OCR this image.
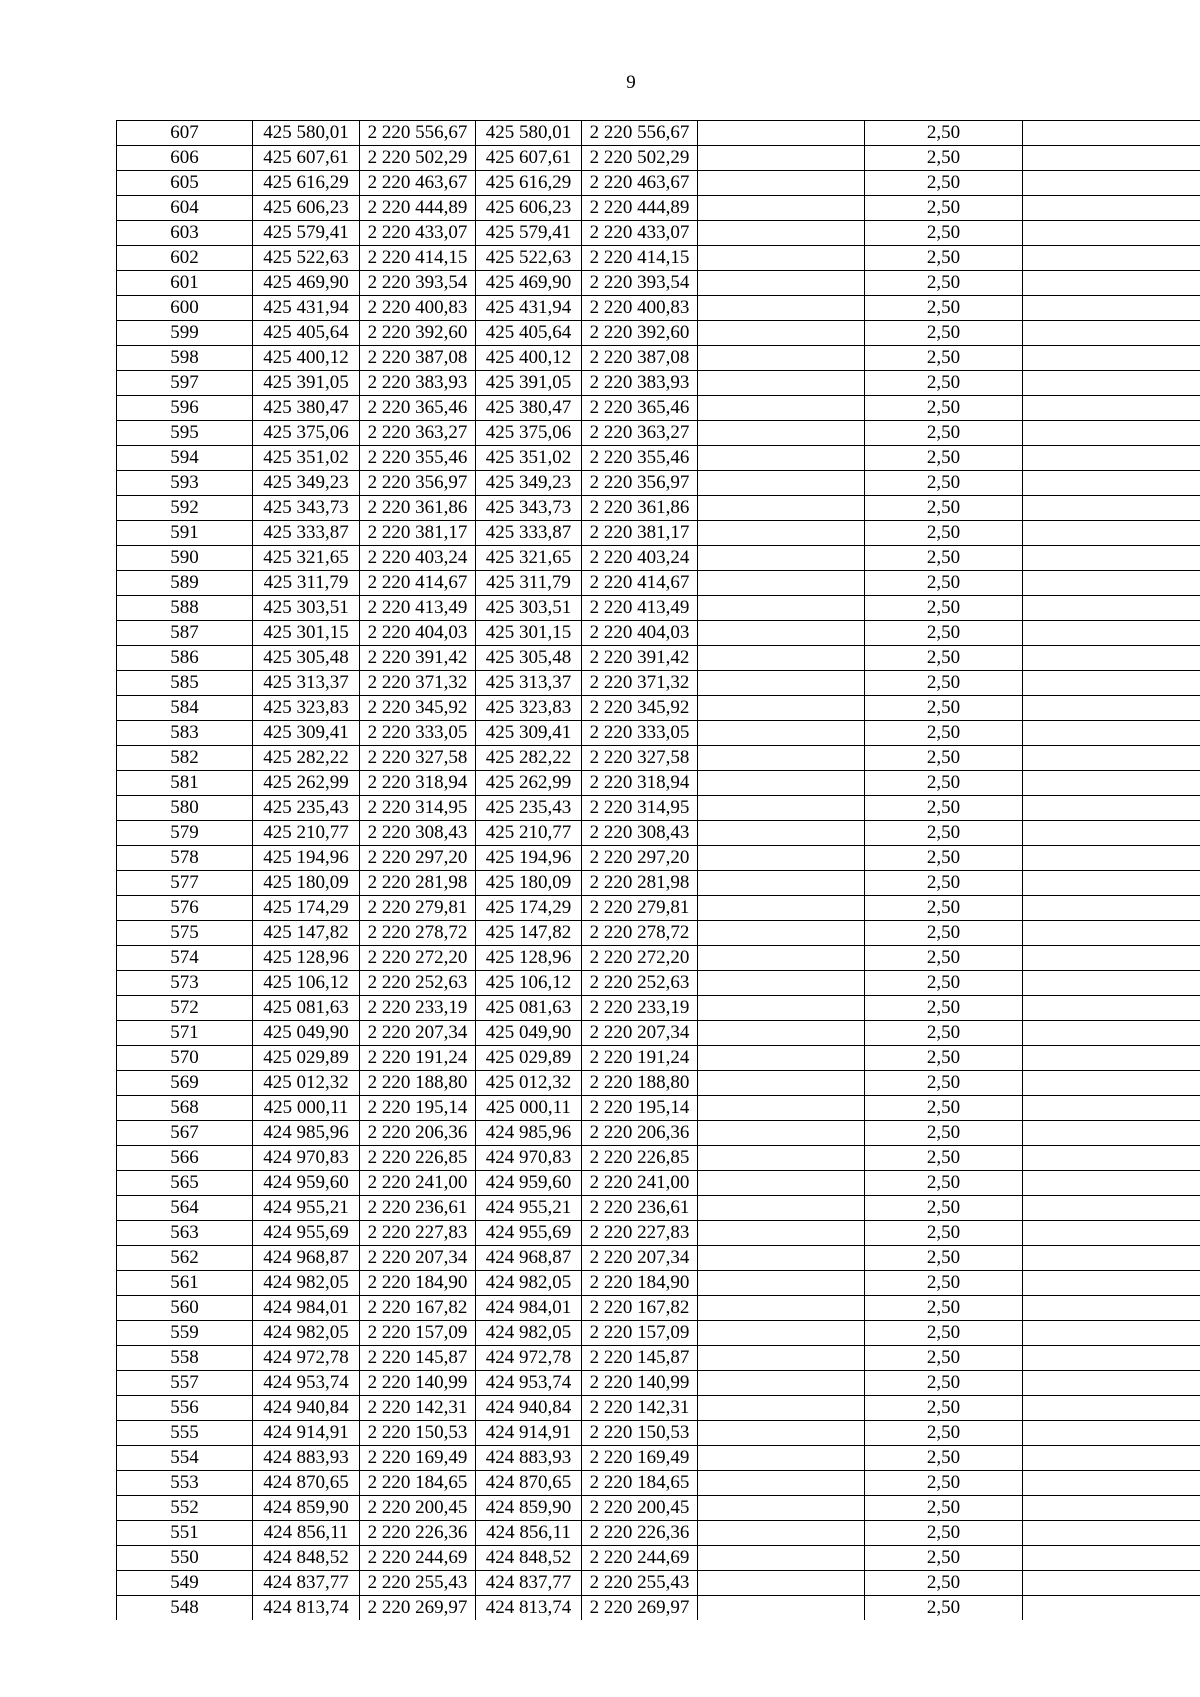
9
607	425 580,01	2 220 556,67	425 580,01	2 220 556,67		2,50	
606	425 607,61	2 220 502,29	425 607,61	2 220 502,29		2,50	
605	425 616,29	2 220 463,67	425 616,29	2 220 463,67		2,50	
604	425 606,23	2 220 444,89	425 606,23	2 220 444,89		2,50	
603	425 579,41	2 220 433,07	425 579,41	2 220 433,07		2,50	
602	425 522,63	2 220 414,15	425 522,63	2 220 414,15		2,50	
601	425 469,90	2 220 393,54	425 469,90	2 220 393,54		2,50	
600	425 431,94	2 220 400,83	425 431,94	2 220 400,83		2,50	
599	425 405,64	2 220 392,60	425 405,64	2 220 392,60		2,50	
598	425 400,12	2 220 387,08	425 400,12	2 220 387,08		2,50	
597	425 391,05	2 220 383,93	425 391,05	2 220 383,93		2,50	
596	425 380,47	2 220 365,46	425 380,47	2 220 365,46		2,50	
595	425 375,06	2 220 363,27	425 375,06	2 220 363,27		2,50	
594	425 351,02	2 220 355,46	425 351,02	2 220 355,46		2,50	
593	425 349,23	2 220 356,97	425 349,23	2 220 356,97		2,50	
592	425 343,73	2 220 361,86	425 343,73	2 220 361,86		2,50	
591	425 333,87	2 220 381,17	425 333,87	2 220 381,17		2,50	
590	425 321,65	2 220 403,24	425 321,65	2 220 403,24		2,50	
589	425 311,79	2 220 414,67	425 311,79	2 220 414,67		2,50	
588	425 303,51	2 220 413,49	425 303,51	2 220 413,49		2,50	
587	425 301,15	2 220 404,03	425 301,15	2 220 404,03		2,50	
586	425 305,48	2 220 391,42	425 305,48	2 220 391,42		2,50	
585	425 313,37	2 220 371,32	425 313,37	2 220 371,32		2,50	
584	425 323,83	2 220 345,92	425 323,83	2 220 345,92		2,50	
583	425 309,41	2 220 333,05	425 309,41	2 220 333,05		2,50	
582	425 282,22	2 220 327,58	425 282,22	2 220 327,58		2,50	
581	425 262,99	2 220 318,94	425 262,99	2 220 318,94		2,50	
580	425 235,43	2 220 314,95	425 235,43	2 220 314,95		2,50	
579	425 210,77	2 220 308,43	425 210,77	2 220 308,43		2,50	
578	425 194,96	2 220 297,20	425 194,96	2 220 297,20		2,50	
577	425 180,09	2 220 281,98	425 180,09	2 220 281,98		2,50	
576	425 174,29	2 220 279,81	425 174,29	2 220 279,81		2,50	
575	425 147,82	2 220 278,72	425 147,82	2 220 278,72		2,50	
574	425 128,96	2 220 272,20	425 128,96	2 220 272,20		2,50	
573	425 106,12	2 220 252,63	425 106,12	2 220 252,63		2,50	
572	425 081,63	2 220 233,19	425 081,63	2 220 233,19		2,50	
571	425 049,90	2 220 207,34	425 049,90	2 220 207,34		2,50	
570	425 029,89	2 220 191,24	425 029,89	2 220 191,24		2,50	
569	425 012,32	2 220 188,80	425 012,32	2 220 188,80		2,50	
568	425 000,11	2 220 195,14	425 000,11	2 220 195,14		2,50	
567	424 985,96	2 220 206,36	424 985,96	2 220 206,36		2,50	
566	424 970,83	2 220 226,85	424 970,83	2 220 226,85		2,50	
565	424 959,60	2 220 241,00	424 959,60	2 220 241,00		2,50	
564	424 955,21	2 220 236,61	424 955,21	2 220 236,61		2,50	
563	424 955,69	2 220 227,83	424 955,69	2 220 227,83		2,50	
562	424 968,87	2 220 207,34	424 968,87	2 220 207,34		2,50	
561	424 982,05	2 220 184,90	424 982,05	2 220 184,90		2,50	
560	424 984,01	2 220 167,82	424 984,01	2 220 167,82		2,50	
559	424 982,05	2 220 157,09	424 982,05	2 220 157,09		2,50	
558	424 972,78	2 220 145,87	424 972,78	2 220 145,87		2,50	
557	424 953,74	2 220 140,99	424 953,74	2 220 140,99		2,50	
556	424 940,84	2 220 142,31	424 940,84	2 220 142,31		2,50	
555	424 914,91	2 220 150,53	424 914,91	2 220 150,53		2,50	
554	424 883,93	2 220 169,49	424 883,93	2 220 169,49		2,50	
553	424 870,65	2 220 184,65	424 870,65	2 220 184,65		2,50	
552	424 859,90	2 220 200,45	424 859,90	2 220 200,45		2,50	
551	424 856,11	2 220 226,36	424 856,11	2 220 226,36		2,50	
550	424 848,52	2 220 244,69	424 848,52	2 220 244,69		2,50	
549	424 837,77	2 220 255,43	424 837,77	2 220 255,43		2,50	
548	424 813,74	2 220 269,97	424 813,74	2 220 269,97		2,50	
